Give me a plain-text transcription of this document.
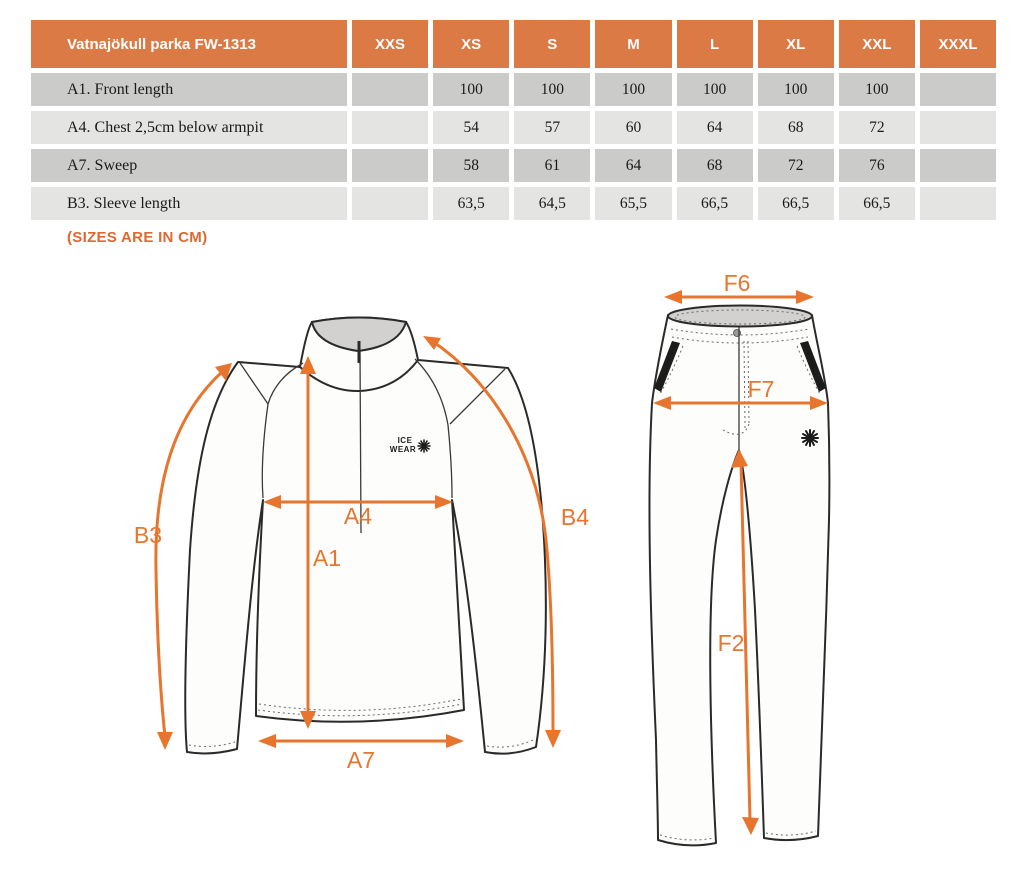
Vatnajökull parka FW-1313	XXS	XS	S	M	L	XL	XXL	XXXL
A1. Front length		100	100	100	100	100	100	
A4. Chest 2,5cm below armpit		54	57	60	64	68	72	
A7. Sweep		58	61	64	68	72	76	
B3. Sleeve length		63,5	64,5	65,5	66,5	66,5	66,5	
(SIZES ARE IN CM)
ICE
WEAR
A4
A1
A7
B3
B4
F6
F7
F2
